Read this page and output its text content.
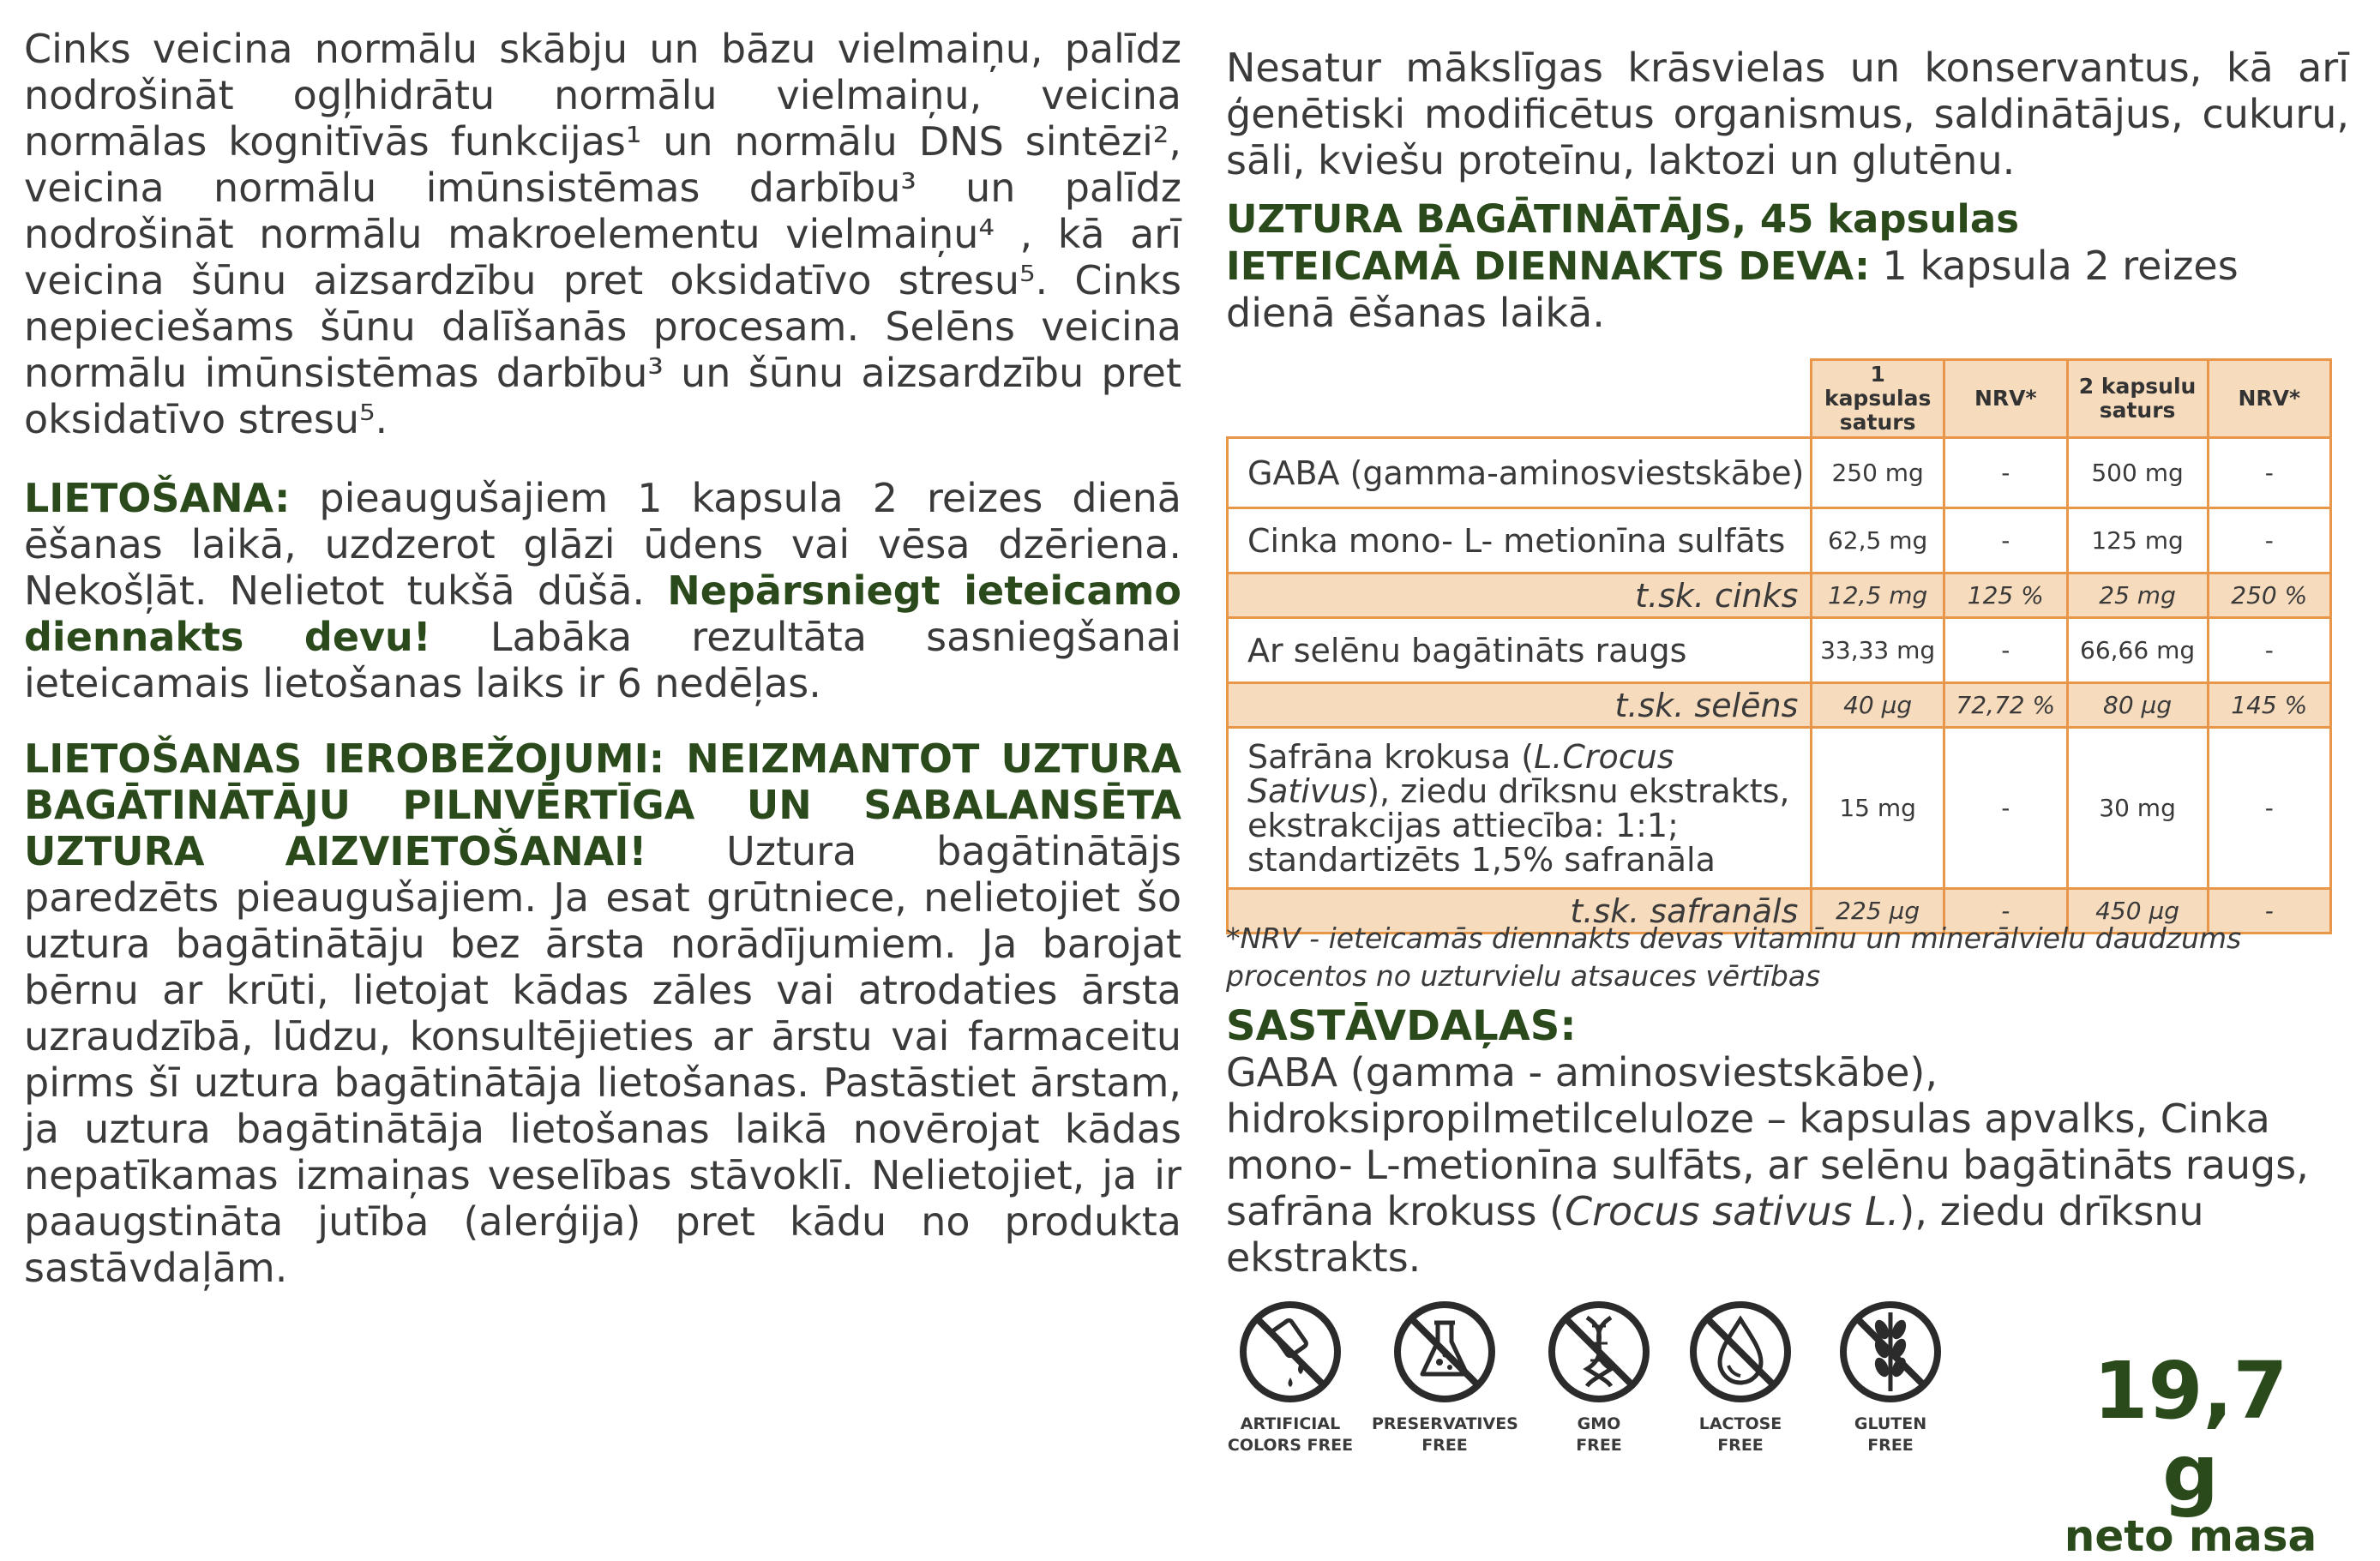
Cinks veicina normālu skābju un bāzu vielmaiņu, palīdz nodrošināt ogļhidrātu normālu vielmaiņu, veicina normālas kognitīvās funkcijas¹ un normālu DNS sintēzi², veicina normālu imūnsistēmas darbību³ un palīdz nodrošināt normālu makroelementu vielmaiņu⁴ , kā arī veicina šūnu aizsardzību pret oksidatīvo stresu⁵. Cinks nepieciešams šūnu dalīšanās procesam. Selēns veicina normālu imūnsistēmas darbību³ un šūnu aizsardzību pret oksidatīvo stresu⁵.

LIETOŠANA: pieaugušajiem 1 kapsula 2 reizes dienā ēšanas laikā, uzdzerot glāzi ūdens vai vēsa dzēriena. Nekošļāt. Nelietot tukšā dūšā. Nepārsniegt ieteicamo diennakts devu! Labāka rezultāta sasniegšanai ieteicamais lietošanas laiks ir 6 nedēļas.

LIETOŠANAS IEROBEŽOJUMI: NEIZMANTOT UZTURA BAGĀTINĀTĀJU PILNVĒRTĪGA UN SABALANSĒTA UZTURA AIZVIETOŠANAI! Uztura bagātinātājs paredzēts pieaugušajiem. Ja esat grūtniece, nelietojiet šo uztura bagātinātāju bez ārsta norādījumiem. Ja barojat bērnu ar krūti, lietojat kādas zāles vai atrodaties ārsta uzraudzībā, lūdzu, konsultējieties ar ārstu vai farmaceitu pirms šī uztura bagātinātāja lietošanas. Pastāstiet ārstam, ja uztura bagātinātāja lietošanas laikā novērojat kādas nepatīkamas izmaiņas veselības stāvoklī. Nelietojiet, ja ir paaugstināta jutība (alerģija) pret kādu no produkta sastāvdaļām.

Nesatur mākslīgas krāsvielas un konservantus, kā arī ģenētiski modificētus organismus, saldinātājus, cukuru, sāli, kviešu proteīnu, laktozi un glutēnu.

UZTURA BAGĀTINĀTĀJS, 45 kapsulas

IETEICAMĀ DIENNAKTS DEVA: 1 kapsula 2 reizes dienā ēšanas laikā.

	1 kapsulas saturs	NRV*	2 kapsulu saturs	NRV*
GABA (gamma-aminosviestskābe)	250 mg	-	500 mg	-
Cinka mono- L- metionīna sulfāts	62,5 mg	-	125 mg	-
t.sk. cinks	12,5 mg	125 %	25 mg	250 %
Ar selēnu bagātināts raugs	33,33 mg	-	66,66 mg	-
t.sk. selēns	40 µg	72,72 %	80 µg	145 %
Safrāna krokusa (L.Crocus Sativus), ziedu drīksnu ekstrakts, ekstrakcijas attiecība: 1:1; standartizēts 1,5% safranāla	15 mg	-	30 mg	-
t.sk. safranāls	225 µg	-	450 µg	-
*NRV - ieteicamās diennakts devas vitamīnu un minerālvielu daudzums procentos no uzturvielu atsauces vērtības

SASTĀVDAĻAS:

GABA (gamma - aminosviestskābe), hidroksipropilmetilceluloze – kapsulas apvalks, Cinka mono- L-metionīna sulfāts, ar selēnu bagātināts raugs, safrāna krokuss (Crocus sativus L.), ziedu drīksnu ekstrakts.

ARTIFICIAL
COLORS FREE
PRESERVATIVES
FREE
GMO
FREE
LACTOSE
FREE
GLUTEN
FREE
19,7 g
neto masa
